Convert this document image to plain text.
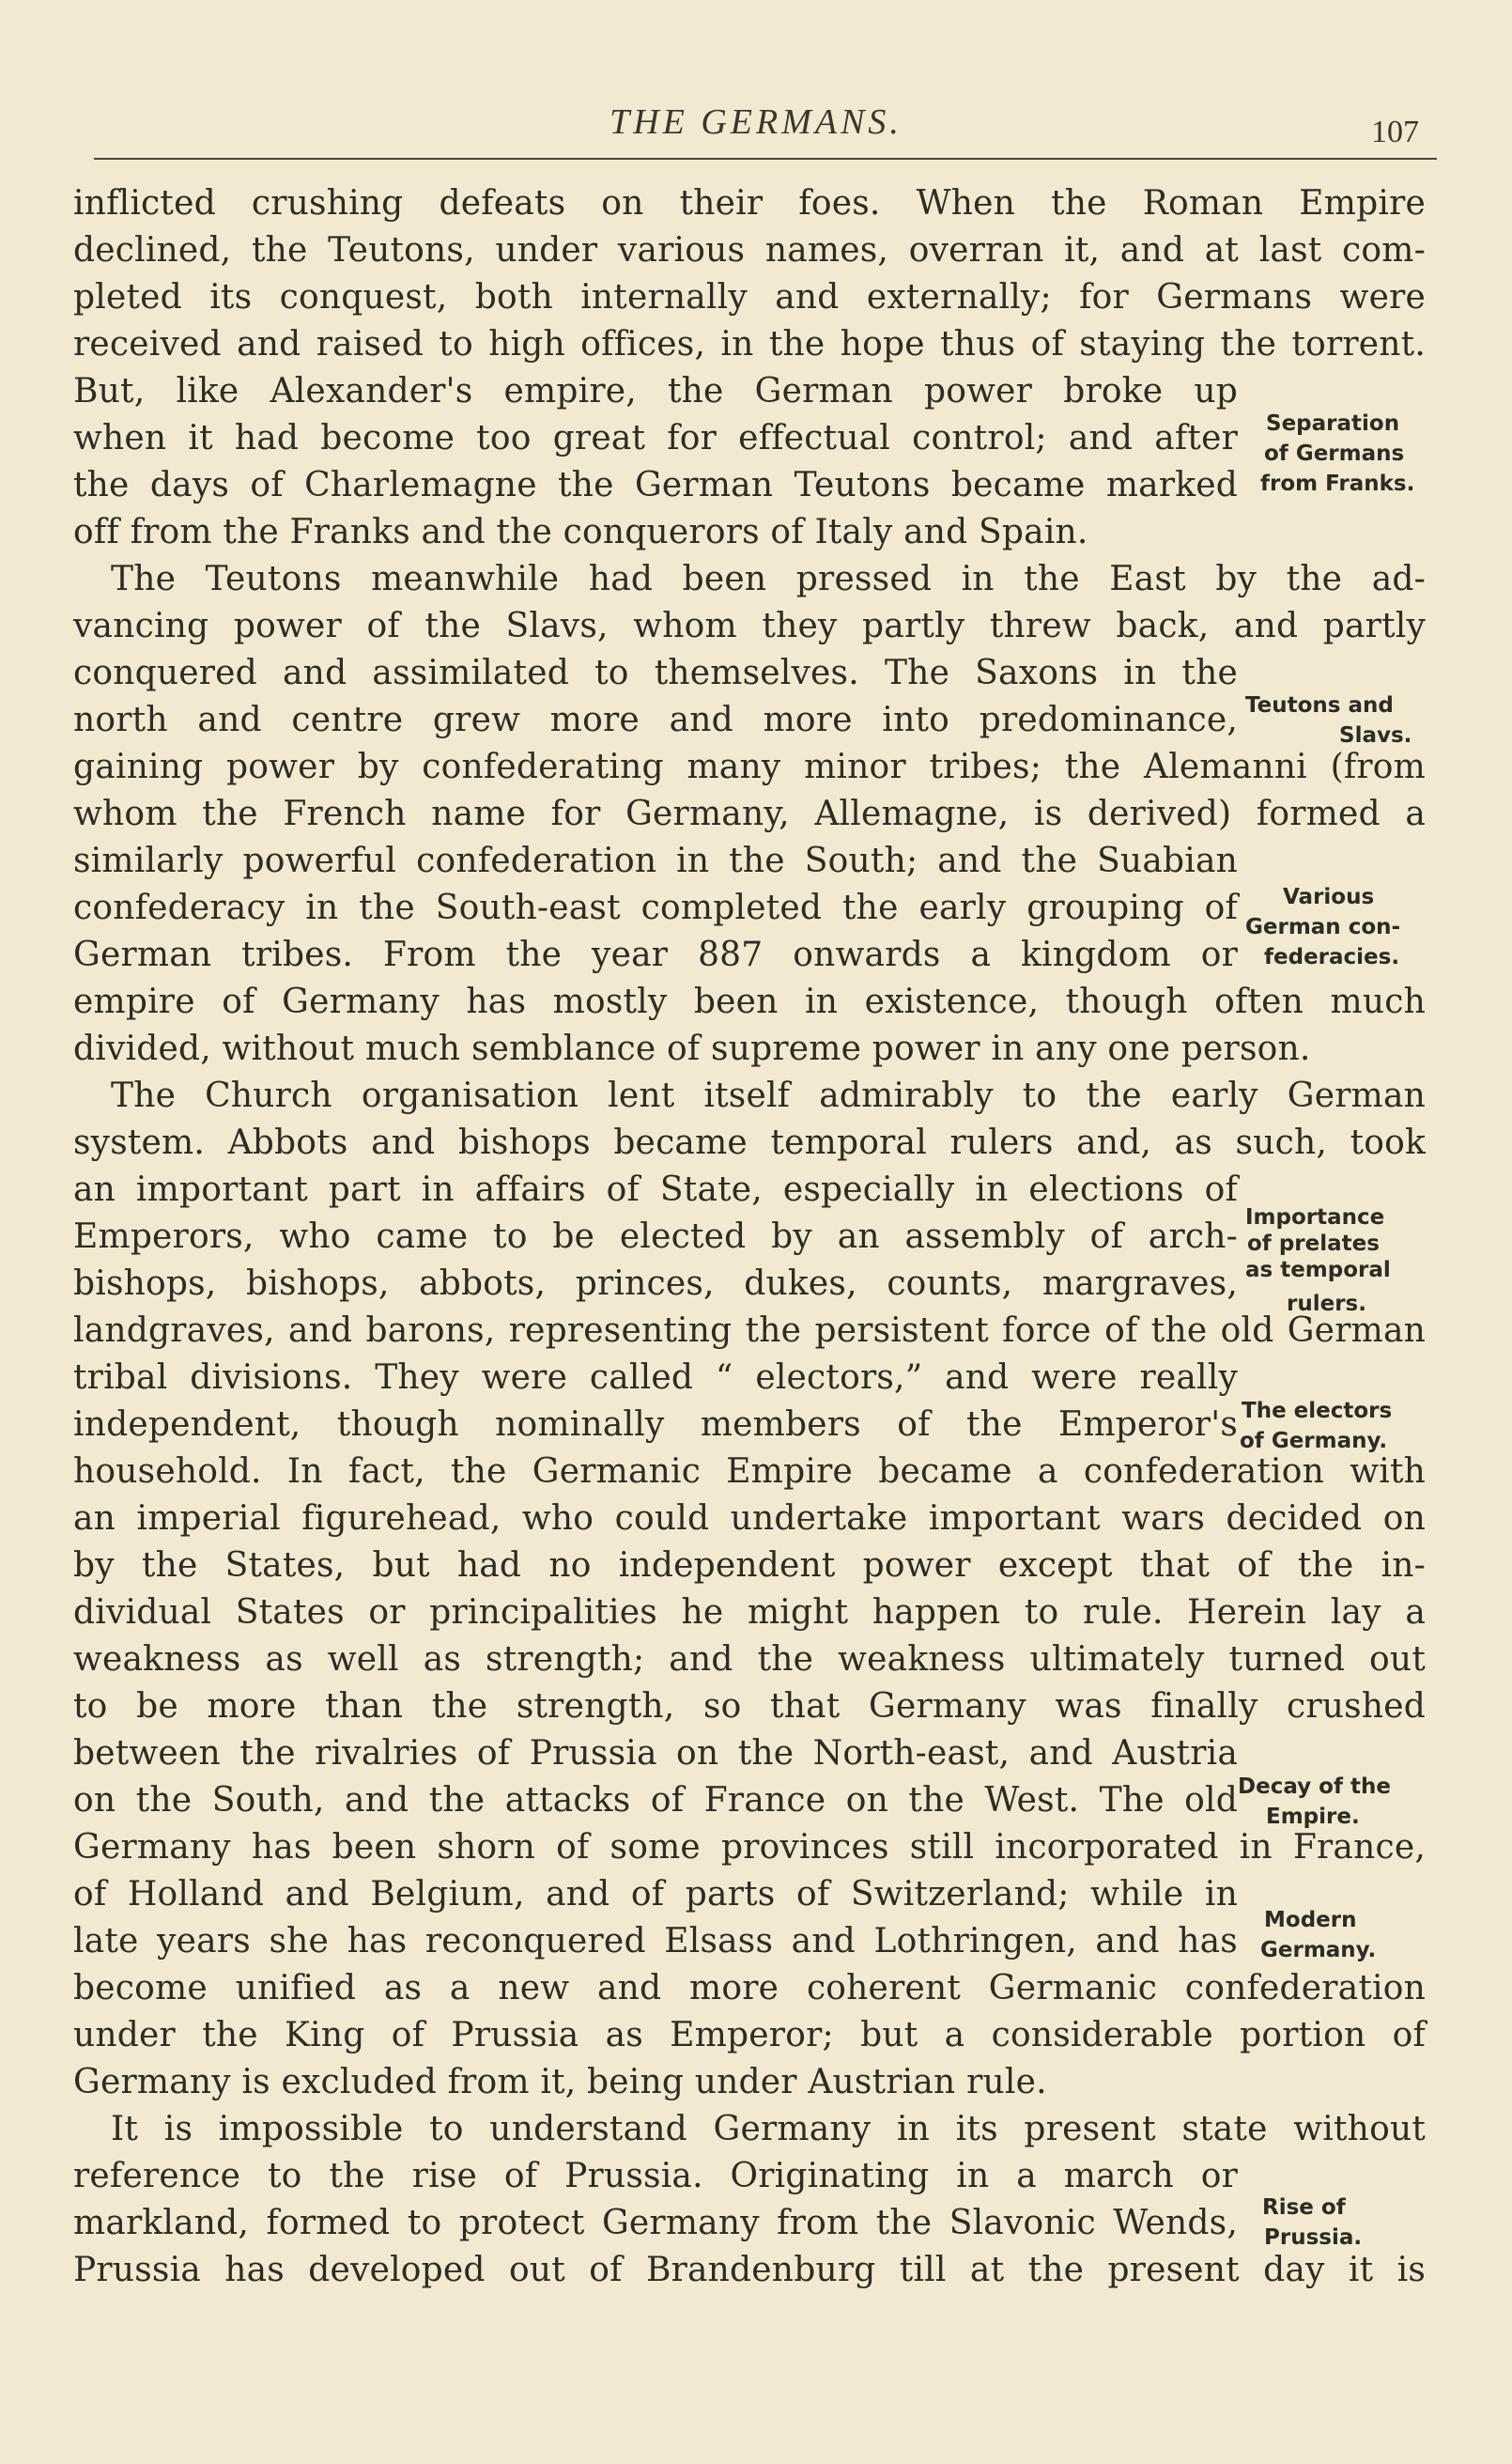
THE GERMANS.	107
inflicted crushing defeats on their foes. When the Roman Empire
declined, the Teutons, under various names, overran it, and at last com-
pleted its conquest, both internally and externally; for Germans were
received and raised to high offices, in the hope thus of staying the torrent.
But, like Alexander's empire, the German power broke up
when it had become too great for effectual control; and after
the days of Charlemagne the German Teutons became marked
off from the Franks and the conquerors of Italy and Spain.
The Teutons meanwhile had been pressed in the East by the ad-
vancing power of the Slavs, whom they partly threw back, and partly
conquered and assimilated to themselves. The Saxons in the
north and centre grew more and more into predominance,
gaining power by confederating many minor tribes; the Alemanni (from
whom the French name for Germany, Allemagne, is derived) formed a
similarly powerful confederation in the South; and the Suabian
confederacy in the South-east completed the early grouping of
German tribes. From the year 887 onwards a kingdom or
empire of Germany has mostly been in existence, though often much
divided, without much semblance of supreme power in any one person.
The Church organisation lent itself admirably to the early German
system. Abbots and bishops became temporal rulers and, as such, took
an important part in affairs of State, especially in elections of
Emperors, who came to be elected by an assembly of arch-
bishops, bishops, abbots, princes, dukes, counts, margraves,
landgraves, and barons, representing the persistent force of the old German
tribal divisions. They were called “ electors,” and were really
independent, though nominally members of the Emperor's
household. In fact, the Germanic Empire became a confederation with
an imperial figurehead, who could undertake important wars decided on
by the States, but had no independent power except that of the in-
dividual States or principalities he might happen to rule. Herein lay a
weakness as well as strength; and the weakness ultimately turned out
to be more than the strength, so that Germany was finally crushed
between the rivalries of Prussia on the North-east, and Austria
on the South, and the attacks of France on the West. The old
Germany has been shorn of some provinces still incorporated in France,
of Holland and Belgium, and of parts of Switzerland; while in
late years she has reconquered Elsass and Lothringen, and has
become unified as a new and more coherent Germanic confederation
under the King of Prussia as Emperor; but a considerable portion of
Germany is excluded from it, being under Austrian rule.
It is impossible to understand Germany in its present state without
reference to the rise of Prussia. Originating in a march or
markland, formed to protect Germany from the Slavonic Wends,
Prussia has developed out of Brandenburg till at the present day it is
Separation
of Germans
from Franks.
Teutons and
Slavs.
Various
German con-
federacies.
Importance
of prelates
as temporal
rulers.
The electors
of Germany.
Decay of the
Empire.
Modern
Germany.
Rise of
Prussia.
